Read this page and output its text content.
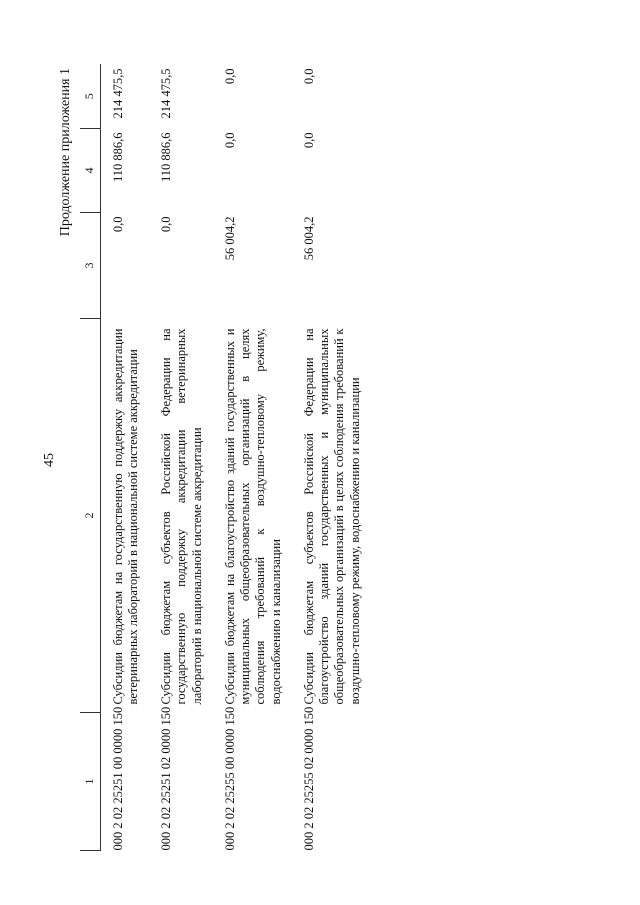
45
Продолжение приложения 1
1	2	3	4	5
000 2 02 25251 00 0000 150	Субсидии бюджетам на государственную поддержку аккредитации ветеринарных лабораторий в национальной системе аккредитации	0,0	110 886,6	214 475,5
000 2 02 25251 02 0000 150	Субсидии бюджетам субъектов Российской Федерации на государственную поддержку аккредитации ветеринарных лабораторий в национальной системе аккредитации	0,0	110 886,6	214 475,5
000 2 02 25255 00 0000 150	Субсидии бюджетам на благоустройство зданий государственных и муниципальных общеобразовательных организаций в целях соблюдения требований к воздушно-тепловому режиму, водоснабжению и канализации	56 004,2	0,0	0,0
000 2 02 25255 02 0000 150	Субсидии бюджетам субъектов Российской Федерации на благоустройство зданий государственных и муниципальных общеобразовательных организаций в целях соблюдения требований к воздушно-тепловому режиму, водоснабжению и канализации	56 004,2	0,0	0,0
